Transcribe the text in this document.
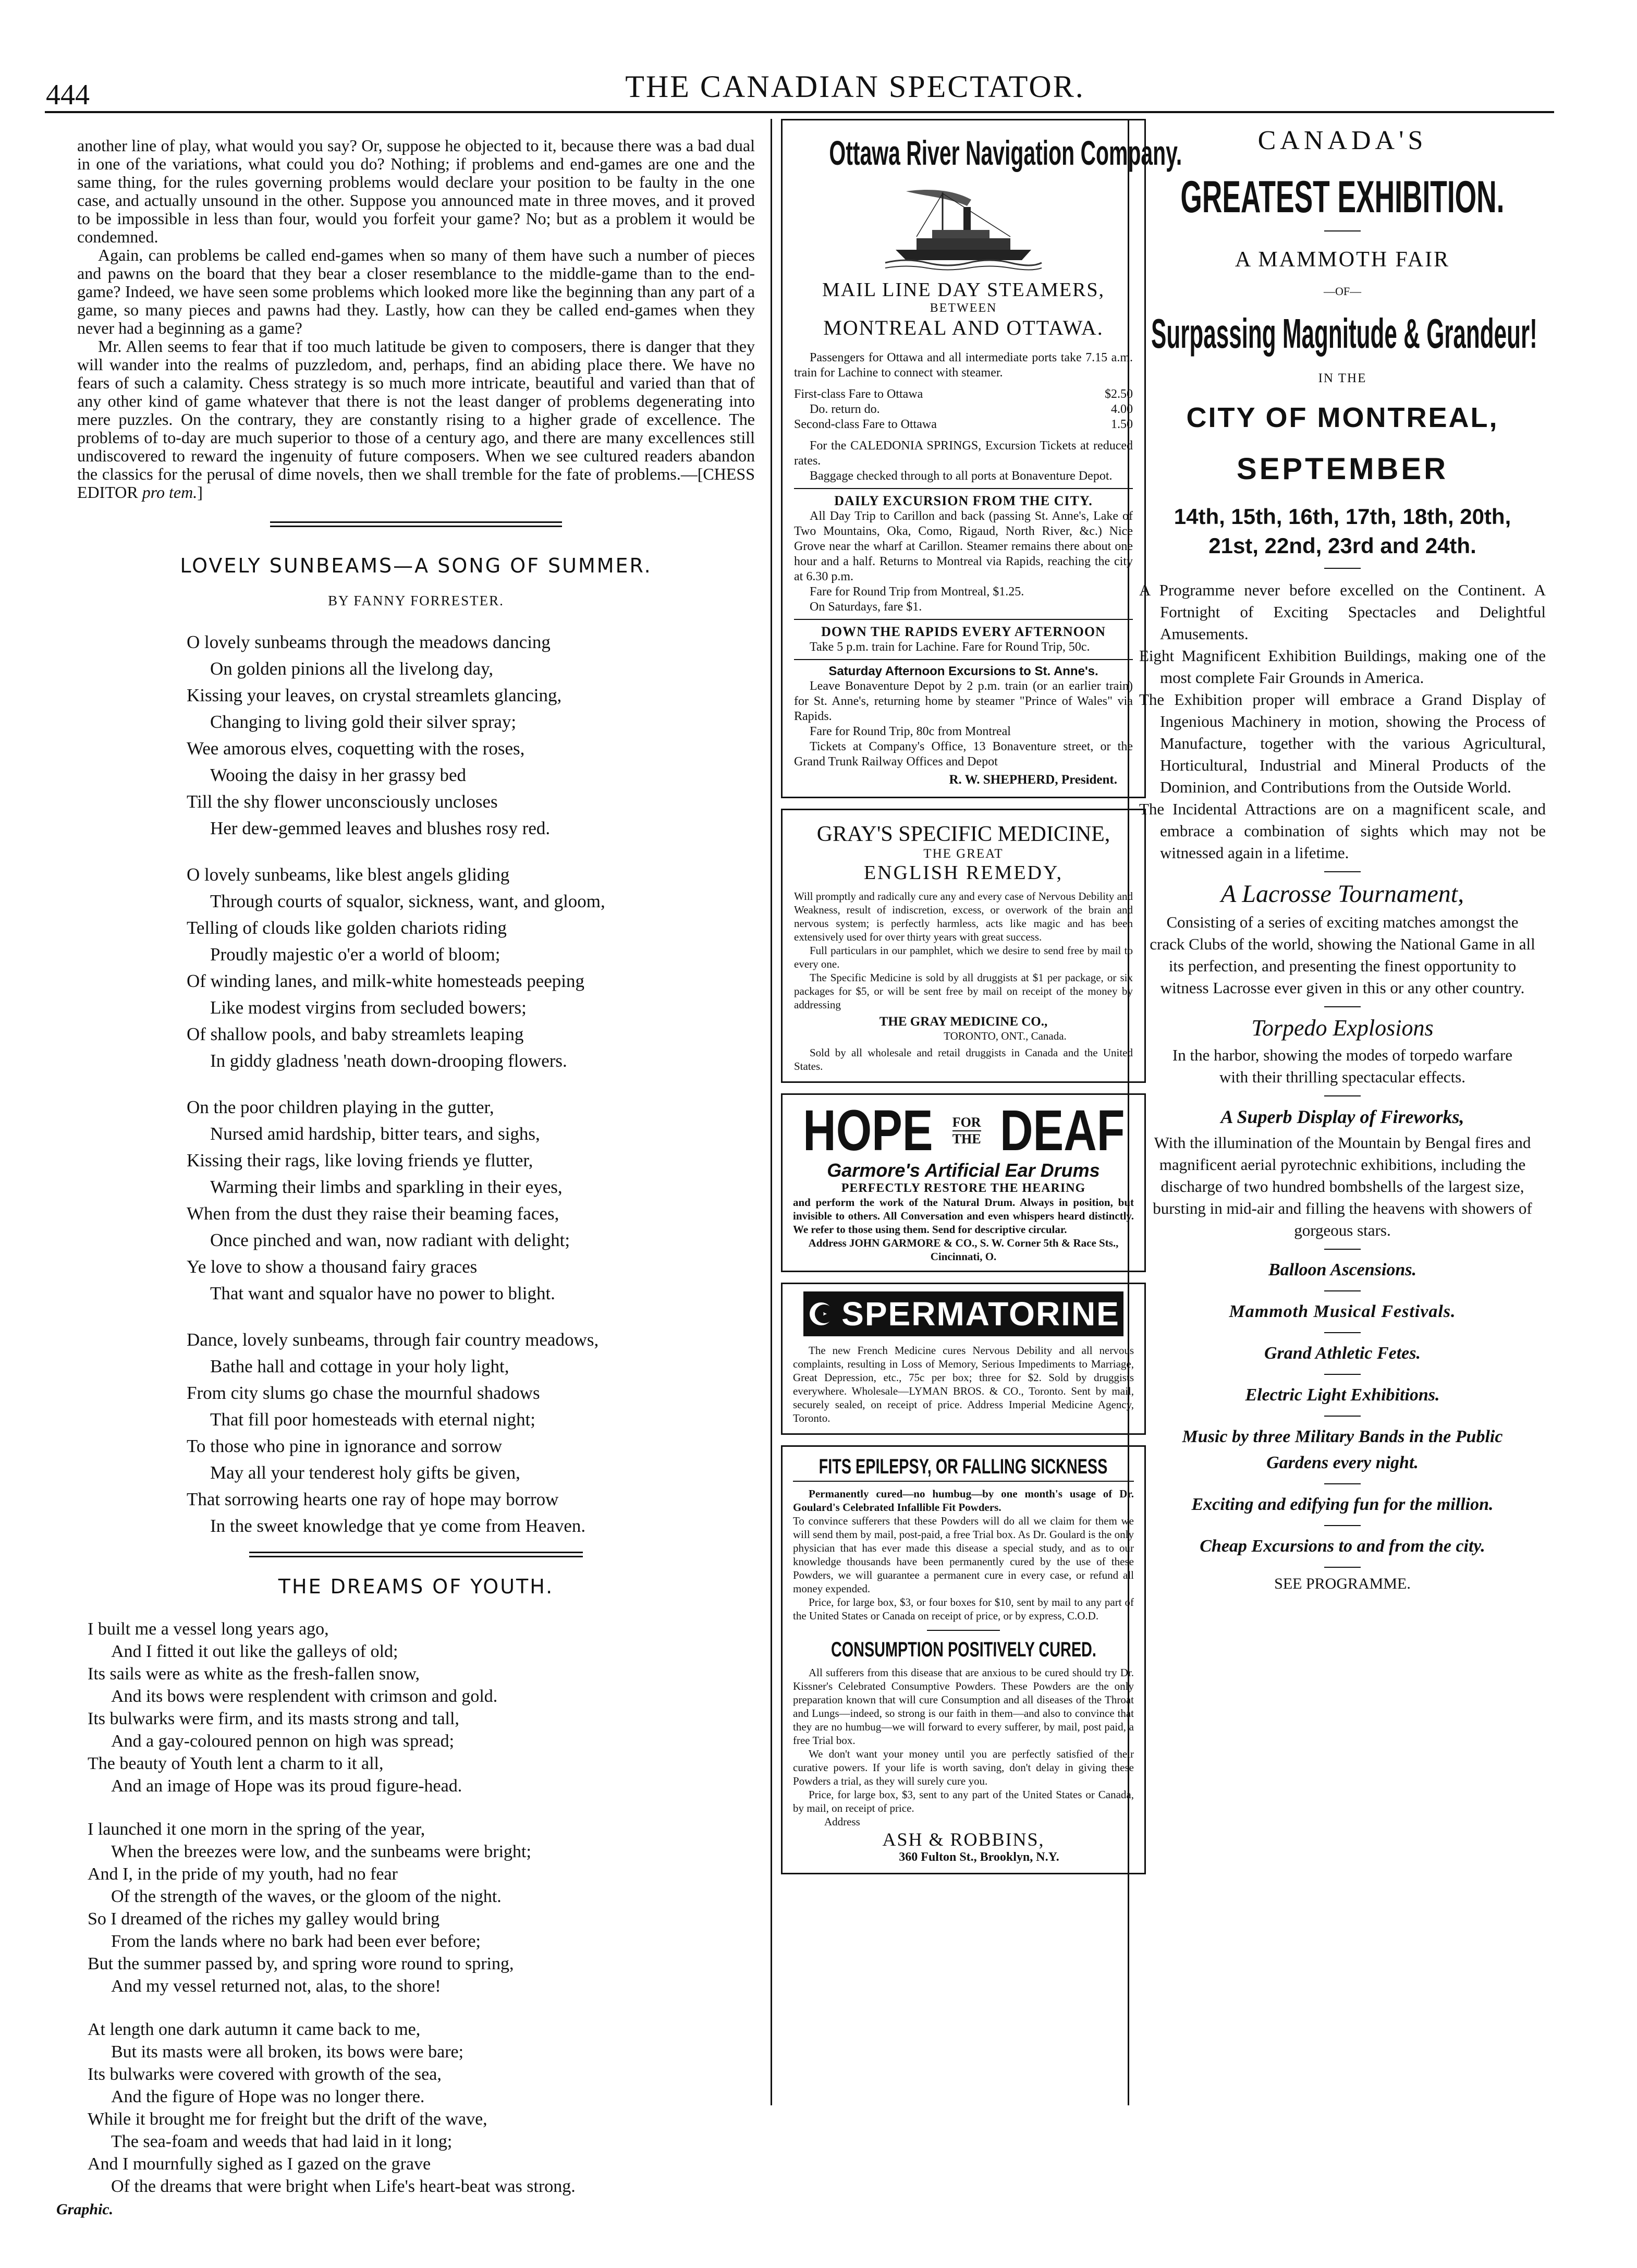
444	THE CANADIAN SPECTATOR.

another line of play, what would you say? Or, suppose he objected to it, because there was a bad dual in one of the variations, what could you do? Nothing; if problems and end-games are one and the same thing, for the rules governing problems would declare your position to be faulty in the one case, and actually unsound in the other. Suppose you announced mate in three moves, and it proved to be impossible in less than four, would you forfeit your game? No; but as a problem it would be condemned.

Again, can problems be called end-games when so many of them have such a number of pieces and pawns on the board that they bear a closer resemblance to the middle-game than to the end-game? Indeed, we have seen some problems which looked more like the beginning than any part of a game, so many pieces and pawns had they. Lastly, how can they be called end-games when they never had a beginning as a game?

Mr. Allen seems to fear that if too much latitude be given to composers, there is danger that they will wander into the realms of puzzledom, and, perhaps, find an abiding place there. We have no fears of such a calamity. Chess strategy is so much more intricate, beautiful and varied than that of any other kind of game whatever that there is not the least danger of problems degenerating into mere puzzles. On the contrary, they are constantly rising to a higher grade of excellence. The problems of to-day are much superior to those of a century ago, and there are many excellences still undiscovered to reward the ingenuity of future composers. When we see cultured readers abandon the classics for the perusal of dime novels, then we shall tremble for the fate of problems.—[CHESS EDITOR pro tem.]

LOVELY SUNBEAMS—A SONG OF SUMMER.
BY FANNY FORRESTER.
O lovely sunbeams through the meadows dancing
On golden pinions all the livelong day,
Kissing your leaves, on crystal streamlets glancing,
Changing to living gold their silver spray;
Wee amorous elves, coquetting with the roses,
Wooing the daisy in her grassy bed
Till the shy flower unconsciously uncloses
Her dew-gemmed leaves and blushes rosy red.
O lovely sunbeams, like blest angels gliding
Through courts of squalor, sickness, want, and gloom,
Telling of clouds like golden chariots riding
Proudly majestic o'er a world of bloom;
Of winding lanes, and milk-white homesteads peeping
Like modest virgins from secluded bowers;
Of shallow pools, and baby streamlets leaping
In giddy gladness 'neath down-drooping flowers.
On the poor children playing in the gutter,
Nursed amid hardship, bitter tears, and sighs,
Kissing their rags, like loving friends ye flutter,
Warming their limbs and sparkling in their eyes,
When from the dust they raise their beaming faces,
Once pinched and wan, now radiant with delight;
Ye love to show a thousand fairy graces
That want and squalor have no power to blight.
Dance, lovely sunbeams, through fair country meadows,
Bathe hall and cottage in your holy light,
From city slums go chase the mournful shadows
That fill poor homesteads with eternal night;
To those who pine in ignorance and sorrow
May all your tenderest holy gifts be given,
That sorrowing hearts one ray of hope may borrow
In the sweet knowledge that ye come from Heaven.
THE DREAMS OF YOUTH.
I built me a vessel long years ago,
And I fitted it out like the galleys of old;
Its sails were as white as the fresh-fallen snow,
And its bows were resplendent with crimson and gold.
Its bulwarks were firm, and its masts strong and tall,
And a gay-coloured pennon on high was spread;
The beauty of Youth lent a charm to it all,
And an image of Hope was its proud figure-head.
I launched it one morn in the spring of the year,
When the breezes were low, and the sunbeams were bright;
And I, in the pride of my youth, had no fear
Of the strength of the waves, or the gloom of the night.
So I dreamed of the riches my galley would bring
From the lands where no bark had been ever before;
But the summer passed by, and spring wore round to spring,
And my vessel returned not, alas, to the shore!
At length one dark autumn it came back to me,
But its masts were all broken, its bows were bare;
Its bulwarks were covered with growth of the sea,
And the figure of Hope was no longer there.
While it brought me for freight but the drift of the wave,
The sea-foam and weeds that had laid in it long;
And I mournfully sighed as I gazed on the grave
Of the dreams that were bright when Life's heart-beat was strong.
Graphic.
Ottawa River Navigation Company.
MAIL LINE DAY STEAMERS,
BETWEEN
MONTREAL AND OTTAWA.
Passengers for Ottawa and all intermediate ports take 7.15 a.m. train for Lachine to connect with steamer.
First-class Fare to Ottawa	$2.50
Do. return do.	4.00
Second-class Fare to Ottawa	1.50
For the CALEDONIA SPRINGS, Excursion Tickets at reduced rates.
Baggage checked through to all ports at Bonaventure Depot.
DAILY EXCURSION FROM THE CITY.
All Day Trip to Carillon and back (passing St. Anne's, Lake of Two Mountains, Oka, Como, Rigaud, North River, &c.) Nice Grove near the wharf at Carillon. Steamer remains there about one hour and a half. Returns to Montreal via Rapids, reaching the city at 6.30 p.m.
Fare for Round Trip from Montreal, $1.25.
On Saturdays, fare $1.
DOWN THE RAPIDS EVERY AFTERNOON
Take 5 p.m. train for Lachine. Fare for Round Trip, 50c.
Saturday Afternoon Excursions to St. Anne's.
Leave Bonaventure Depot by 2 p.m. train (or an earlier train) for St. Anne's, returning home by steamer "Prince of Wales" via Rapids.
Fare for Round Trip, 80c from Montreal
Tickets at Company's Office, 13 Bonaventure street, or the Grand Trunk Railway Offices and Depot
R. W. SHEPHERD, President.
GRAY'S SPECIFIC MEDICINE,
THE GREAT
ENGLISH REMEDY,
Will promptly and radically cure any and every case of Nervous Debility and Weakness, result of indiscretion, excess, or overwork of the brain and nervous system; is perfectly harmless, acts like magic and has been extensively used for over thirty years with great success.
Full particulars in our pamphlet, which we desire to send free by mail to every one.
The Specific Medicine is sold by all druggists at $1 per package, or six packages for $5, or will be sent free by mail on receipt of the money by addressing
THE GRAY MEDICINE CO.,
TORONTO, ONT., Canada.
Sold by all wholesale and retail druggists in Canada and the United States.
HOPE FOR
THE DEAF
Garmore's Artificial Ear Drums
PERFECTLY RESTORE THE HEARING
and perform the work of the Natural Drum. Always in position, but invisible to others. All Conversation and even whispers heard distinctly. We refer to those using them. Send for descriptive circular.
Address JOHN GARMORE & CO., S. W. Corner 5th & Race Sts., Cincinnati, O.
SPERMATORINE
The new French Medicine cures Nervous Debility and all nervous complaints, resulting in Loss of Memory, Serious Impediments to Marriage, Great Depression, etc., 75c per box; three for $2. Sold by druggists everywhere. Wholesale—LYMAN BROS. & CO., Toronto. Sent by mail, securely sealed, on receipt of price. Address Imperial Medicine Agency, Toronto.
FITS EPILEPSY, OR FALLING SICKNESS
Permanently cured—no humbug—by one month's usage of Dr. Goulard's Celebrated Infallible Fit Powders.
To convince sufferers that these Powders will do all we claim for them we will send them by mail, post-paid, a free Trial box. As Dr. Goulard is the only physician that has ever made this disease a special study, and as to our knowledge thousands have been permanently cured by the use of these Powders, we will guarantee a permanent cure in every case, or refund all money expended.
Price, for large box, $3, or four boxes for $10, sent by mail to any part of the United States or Canada on receipt of price, or by express, C.O.D.
CONSUMPTION POSITIVELY CURED.
All sufferers from this disease that are anxious to be cured should try Dr. Kissner's Celebrated Consumptive Powders. These Powders are the only preparation known that will cure Consumption and all diseases of the Throat and Lungs—indeed, so strong is our faith in them—and also to convince that they are no humbug—we will forward to every sufferer, by mail, post paid, a free Trial box.
We don't want your money until you are perfectly satisfied of their curative powers. If your life is worth saving, don't delay in giving these Powders a trial, as they will surely cure you.
Price, for large box, $3, sent to any part of the United States or Canada, by mail, on receipt of price.
Address
ASH & ROBBINS,
360 Fulton St., Brooklyn, N.Y.
CANADA'S
GREATEST EXHIBITION.
A MAMMOTH FAIR
—OF—
Surpassing Magnitude & Grandeur!
IN THE
CITY OF MONTREAL,
SEPTEMBER
14th, 15th, 16th, 17th, 18th, 20th, 21st, 22nd, 23rd and 24th.

A Programme never before excelled on the Continent. A Fortnight of Exciting Spectacles and Delightful Amusements.

Eight Magnificent Exhibition Buildings, making one of the most complete Fair Grounds in America.

The Exhibition proper will embrace a Grand Display of Ingenious Machinery in motion, showing the Process of Manufacture, together with the various Agricultural, Horticultural, Industrial and Mineral Products of the Dominion, and Contributions from the Outside World.

The Incidental Attractions are on a magnificent scale, and embrace a combination of sights which may not be witnessed again in a lifetime.

A Lacrosse Tournament,
Consisting of a series of exciting matches amongst the crack Clubs of the world, showing the National Game in all its perfection, and presenting the finest opportunity to witness Lacrosse ever given in this or any other country.
Torpedo Explosions
In the harbor, showing the modes of torpedo warfare with their thrilling spectacular effects.
A Superb Display of Fireworks,
With the illumination of the Mountain by Bengal fires and magnificent aerial pyrotechnic exhibitions, including the discharge of two hundred bombshells of the largest size, bursting in mid-air and filling the heavens with showers of gorgeous stars.
Balloon Ascensions.
Mammoth Musical Festivals.
Grand Athletic Fetes.
Electric Light Exhibitions.
Music by three Military Bands in the Public Gardens every night.
Exciting and edifying fun for the million.
Cheap Excursions to and from the city.
SEE PROGRAMME.
